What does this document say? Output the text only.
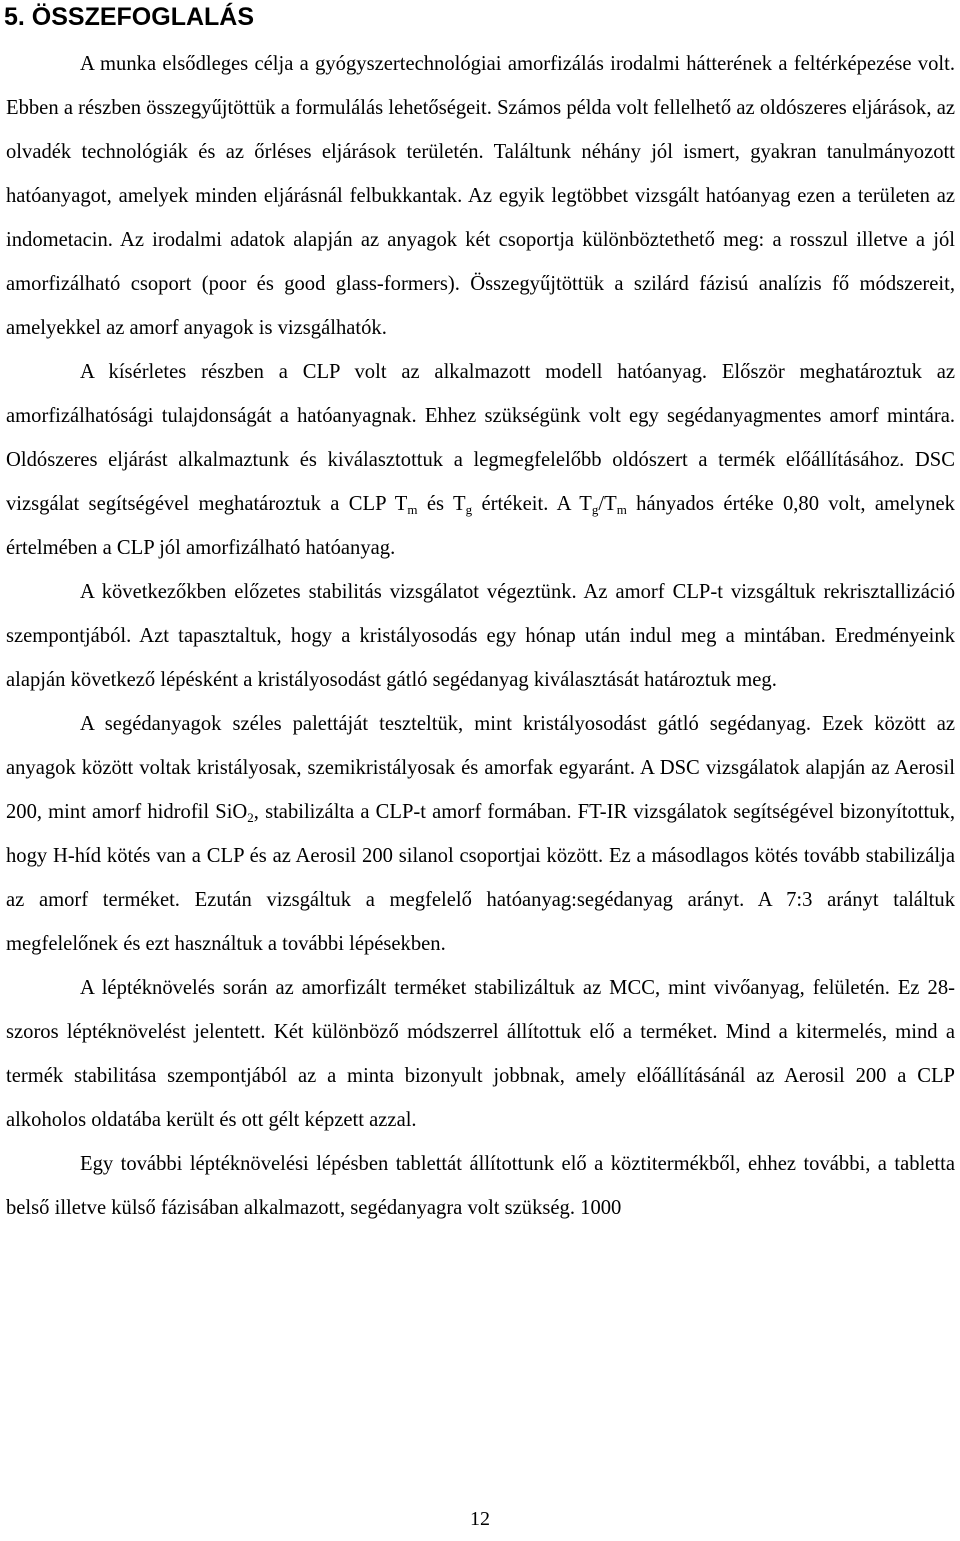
5. ÖSSZEFOGLALÁS

A munka elsődleges célja a gyógyszertechnológiai amorfizálás irodalmi hátterének a feltérképezése volt. Ebben a részben összegyűjtöttük a formulálás lehetőségeit. Számos példa volt fellelhető az oldószeres eljárások, az olvadék technológiák és az őrléses eljárások területén. Találtunk néhány jól ismert, gyakran tanulmányozott hatóanyagot, amelyek minden eljárásnál felbukkantak. Az egyik legtöbbet vizsgált hatóanyag ezen a területen az indometacin. Az irodalmi adatok alapján az anyagok két csoportja különböztethető meg: a rosszul illetve a jól amorfizálható csoport (poor és good glass-formers). Összegyűjtöttük a szilárd fázisú analízis fő módszereit, amelyekkel az amorf anyagok is vizsgálhatók.

A kísérletes részben a CLP volt az alkalmazott modell hatóanyag. Először meghatároztuk az amorfizálhatósági tulajdonságát a hatóanyagnak. Ehhez szükségünk volt egy segédanyagmentes amorf mintára. Oldószeres eljárást alkalmaztunk és kiválasztottuk a legmegfelelőbb oldószert a termék előállításához. DSC vizsgálat segítségével meghatároztuk a CLP $T_m$ és $T_g$ értékeit. A $T_g/T_m$ hányados értéke 0,80 volt, amelynek értelmében a CLP jól amorfizálható hatóanyag.

A következőkben előzetes stabilitás vizsgálatot végeztünk. Az amorf CLP-t vizsgáltuk rekrisztallizáció szempontjából. Azt tapasztaltuk, hogy a kristályosodás egy hónap után indul meg a mintában. Eredményeink alapján következő lépésként a kristályosodást gátló segédanyag kiválasztását határoztuk meg.

A segédanyagok széles palettáját teszteltük, mint kristályosodást gátló segédanyag. Ezek között az anyagok között voltak kristályosak, szemikristályosak és amorfak egyaránt. A DSC vizsgálatok alapján az Aerosil 200, mint amorf hidrofil SiO$_2$, stabilizálta a CLP-t amorf formában. FT-IR vizsgálatok segítségével bizonyítottuk, hogy H-híd kötés van a CLP és az Aerosil 200 silanol csoportjai között. Ez a másodlagos kötés tovább stabilizálja az amorf terméket. Ezután vizsgáltuk a megfelelő hatóanyag:segédanyag arányt. A 7:3 arányt találtuk megfelelőnek és ezt használtuk a további lépésekben.

A léptéknövelés során az amorfizált terméket stabilizáltuk az MCC, mint vivőanyag, felületén. Ez 28-szoros léptéknövelést jelentett. Két különböző módszerrel állítottuk elő a terméket. Mind a kitermelés, mind a termék stabilitása szempontjából az a minta bizonyult jobbnak, amely előállításánál az Aerosil 200 a CLP alkoholos oldatába került és ott gélt képzett azzal.

Egy további léptéknövelési lépésben tablettát állítottunk elő a köztitermékből, ehhez további, a tabletta belső illetve külső fázisában alkalmazott, segédanyagra volt szükség. 1000

12
